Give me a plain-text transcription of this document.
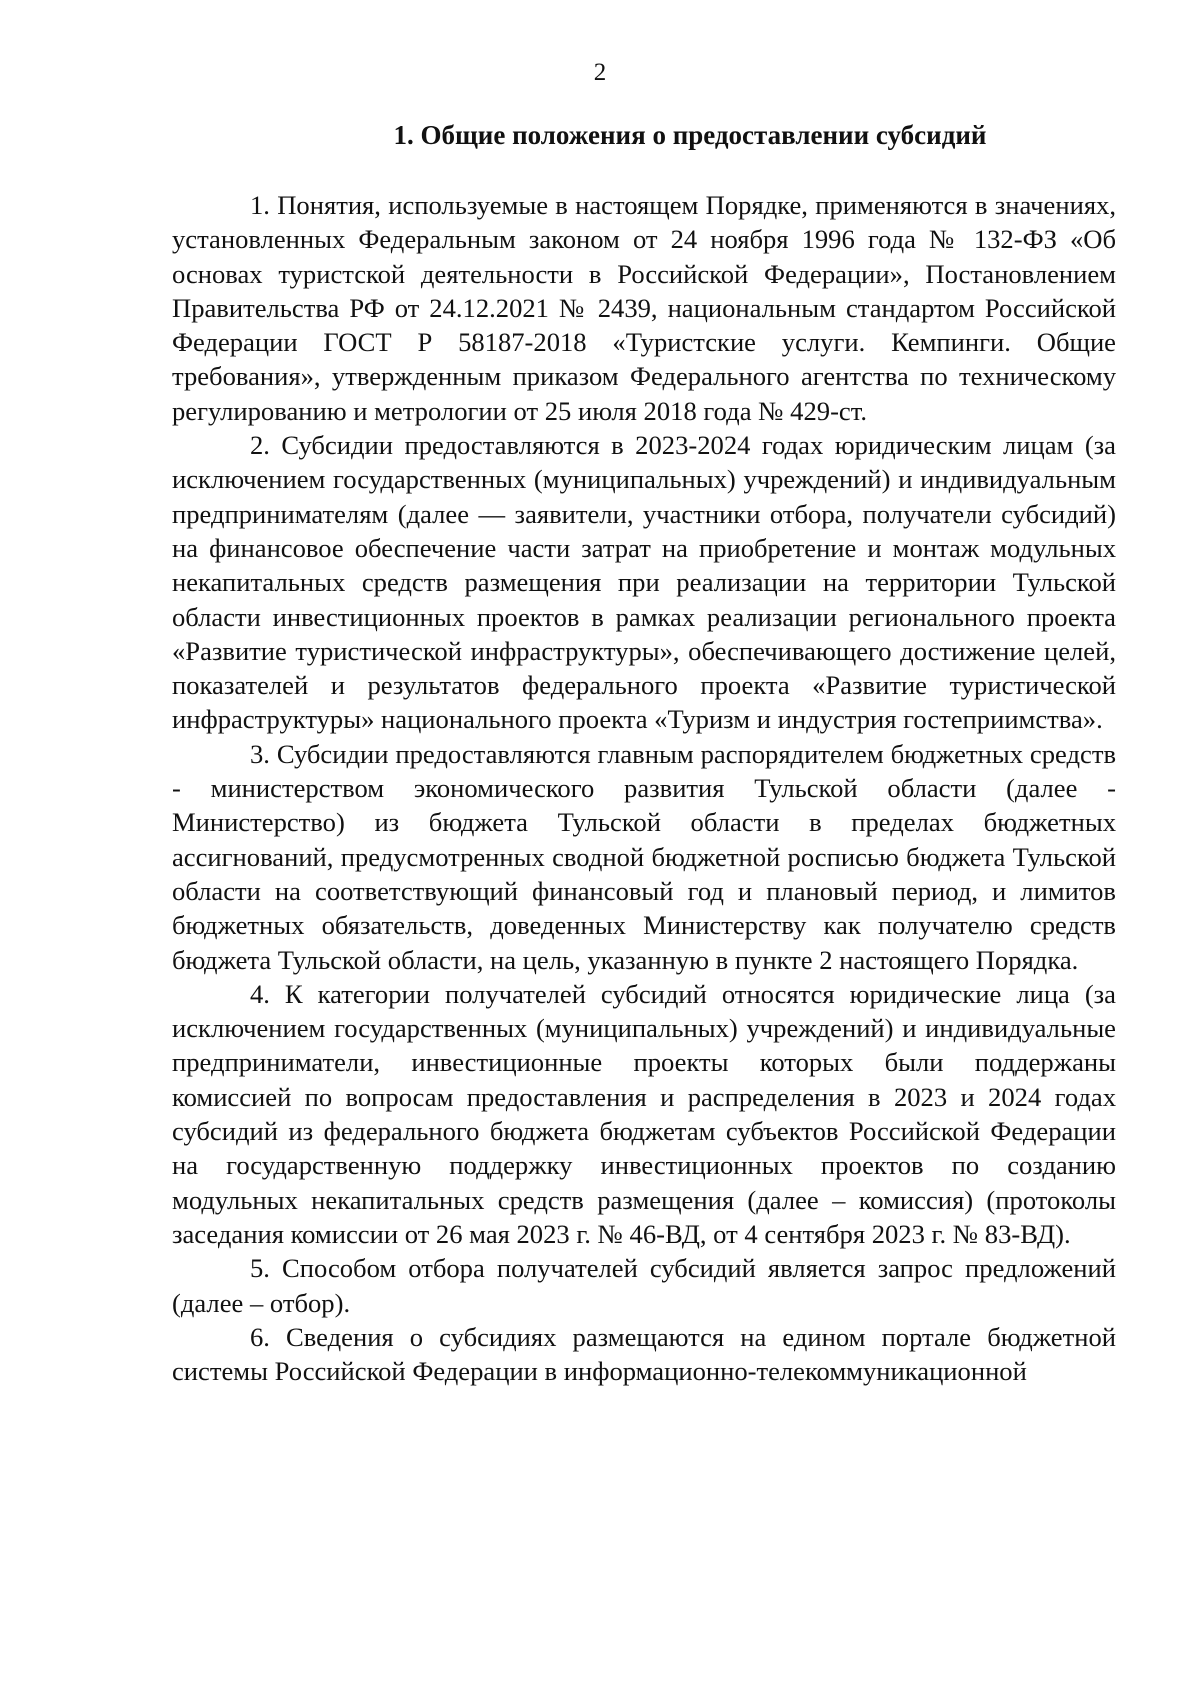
2
1. Общие положения о предоставлении субсидий

1. Понятия, используемые в настоящем Порядке, применяются в значениях, установленных Федеральным законом от 24 ноября 1996 года № 132-ФЗ «Об основах туристской деятельности в Российской Федерации», Постановлением Правительства РФ от 24.12.2021 № 2439, национальным стандартом Российской Федерации ГОСТ Р 58187-2018 «Туристские услуги. Кемпинги. Общие требования», утвержденным приказом Федерального агентства по техническому регулированию и метрологии от 25 июля 2018 года № 429-ст.

2. Субсидии предоставляются в 2023-2024 годах юридическим лицам (за исключением государственных (муниципальных) учреждений) и индивидуальным предпринимателям (далее — заявители, участники отбора, получатели субсидий) на финансовое обеспечение части затрат на приобретение и монтаж модульных некапитальных средств размещения при реализации на территории Тульской области инвестиционных проектов в рамках реализации регионального проекта «Развитие туристической инфраструктуры», обеспечивающего достижение целей, показателей и результатов федерального проекта «Развитие туристической инфраструктуры» национального проекта «Туризм и индустрия гостеприимства».

3. Субсидии предоставляются главным распорядителем бюджетных средств - министерством экономического развития Тульской области (далее - Министерство) из бюджета Тульской области в пределах бюджетных ассигнований, предусмотренных сводной бюджетной росписью бюджета Тульской области на соответствующий финансовый год и плановый период, и лимитов бюджетных обязательств, доведенных Министерству как получателю средств бюджета Тульской области, на цель, указанную в пункте 2 настоящего Порядка.

4. К категории получателей субсидий относятся юридические лица (за исключением государственных (муниципальных) учреждений) и индивидуальные предприниматели, инвестиционные проекты которых были поддержаны комиссией по вопросам предоставления и распределения в 2023 и 2024 годах субсидий из федерального бюджета бюджетам субъектов Российской Федерации на государственную поддержку инвестиционных проектов по созданию модульных некапитальных средств размещения (далее – комиссия) (протоколы заседания комиссии от 26 мая 2023 г. № 46-ВД, от 4 сентября 2023 г. № 83-ВД).

5. Способом отбора получателей субсидий является запрос предложений (далее – отбор).

6. Сведения о субсидиях размещаются на едином портале бюджетной системы Российской Федерации в информационно-телекоммуникационной
